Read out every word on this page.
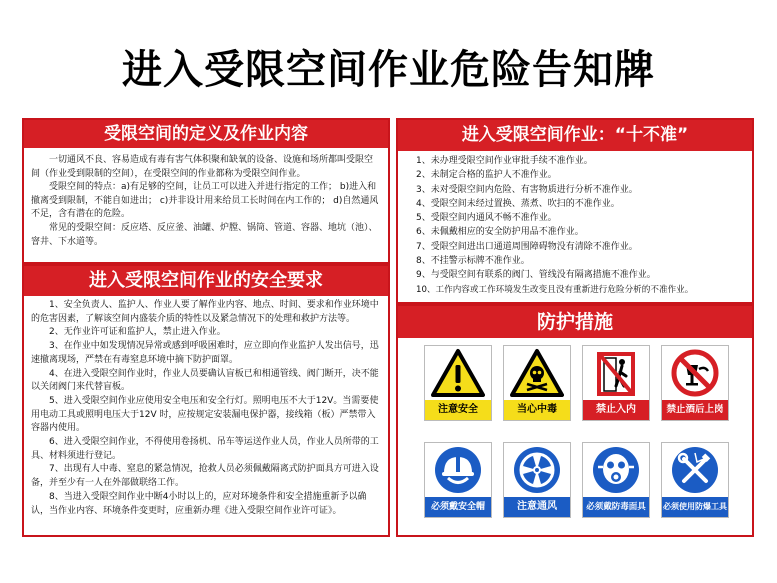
进入受限空间作业危险告知牌
受限空间的定义及作业内容

一切通风不良、容易造成有毒有害气体积聚和缺氧的设备、设施和场所都叫受限空间（作业受到限制的空间），在受限空间的作业都称为受限空间作业。

受限空间的特点：a)有足够的空间，让员工可以进入并进行指定的工作； b)进入和撤离受到限制，不能自如进出； c)并非设计用来给员工长时间在内工作的； d)自然通风不足，含有潜在的危险。

常见的受限空间：反应塔、反应釜、油罐、炉膛、锅筒、管道、容器、地坑（池）、窨井、下水道等。

进入受限空间作业的安全要求

1、安全负责人、监护人、作业人要了解作业内容、地点、时间、要求和作业环境中的危害因素，了解该空间内盛装介质的特性以及紧急情况下的处理和救护方法等。

2、无作业许可证和监护人，禁止进入作业。

3、在作业中如发现情况异常或感到呼吸困难时，应立即向作业监护人发出信号，迅速撤离现场，严禁在有毒窒息环境中摘下防护面罩。

4、在进入受限空间作业时，作业人员要确认盲板已和相通管线、阀门断开，决不能以关闭阀门来代替盲板。

5、进入受限空间作业应使用安全电压和安全行灯。照明电压不大于12V。当需要使用电动工具或照明电压大于12V 时，应按规定安装漏电保护器，接线箱（板）严禁带入容器内使用。

6、进入受限空间作业，不得使用卷扬机、吊车等运送作业人员，作业人员所带的工具、材料须进行登记。

7、出现有人中毒、窒息的紧急情况，抢救人员必须佩戴隔离式防护面具方可进入设备，并至少有一人在外部做联络工作。

8、当进入受限空间作业中断4小时以上的，应对环境条件和安全措施重新予以确认，当作业内容、环境条件变更时，应重新办理《进入受限空间作业许可证》。

进入受限空间作业：“十不准”
1、未办理受限空间作业审批手续不准作业。
2、未制定合格的监护人不准作业。
3、未对受限空间内危险、有害物质进行分析不准作业。
4、受限空间未经过置换、蒸煮、吹扫的不准作业。
5、受限空间内通风不畅不准作业。
6、未佩戴相应的安全防护用品不准作业。
7、受限空间进出口通道周围障碍物没有清除不准作业。
8、不挂警示标牌不准作业。
9、与受限空间有联系的阀门、管线没有隔离措施不准作业。
10、工作内容或工作环境发生改变且没有重新进行危险分析的不准作业。
防护措施
注意安全	当心中毒	禁止入内	禁止酒后上岗
必须戴安全帽	注意通风	必须戴防毒面具	必须使用防爆工具
